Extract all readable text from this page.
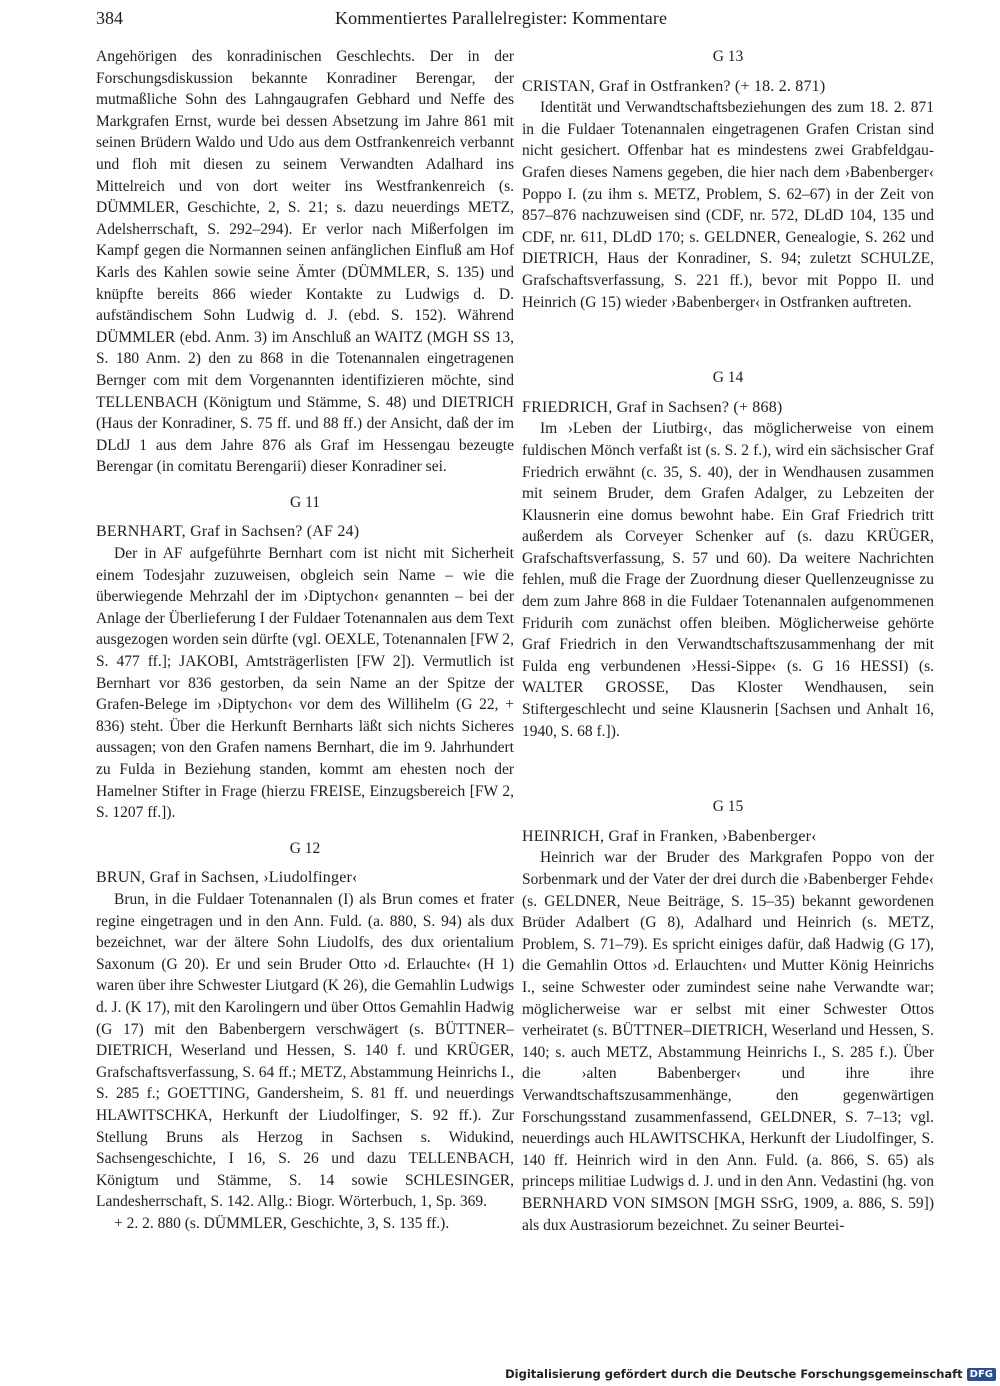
384	Kommentiertes Parallelregister: Kommentare

Angehörigen des konradinischen Geschlechts. Der in der Forschungsdiskussion bekannte Konradiner Berengar, der mutmaßliche Sohn des Lahngaugrafen Gebhard und Neffe des Markgrafen Ernst, wurde bei dessen Absetzung im Jahre 861 mit seinen Brüdern Waldo und Udo aus dem Ostfrankenreich verbannt und floh mit diesen zu seinem Verwandten Adalhard ins Mittelreich und von dort weiter ins Westfrankenreich (s. DÜMMLER, Geschichte, 2, S. 21; s. dazu neuerdings METZ, Adelsherrschaft, S. 292–294). Er verlor nach Mißerfolgen im Kampf gegen die Normannen seinen anfänglichen Einfluß am Hof Karls des Kahlen sowie seine Ämter (DÜMMLER, S. 135) und knüpfte bereits 866 wieder Kontakte zu Ludwigs d. D. aufständischem Sohn Ludwig d. J. (ebd. S. 152). Während DÜMMLER (ebd. Anm. 3) im Anschluß an WAITZ (MGH SS 13, S. 180 Anm. 2) den zu 868 in die Totenannalen eingetragenen Bernger com mit dem Vorgenannten identifizieren möchte, sind TELLENBACH (Königtum und Stämme, S. 48) und DIETRICH (Haus der Konradiner, S. 75 ff. und 88 ff.) der Ansicht, daß der im DLdJ 1 aus dem Jahre 876 als Graf im Hessengau bezeugte Berengar (in comitatu Berengarii) dieser Konradiner sei.

G 11

BERNHART, Graf in Sachsen? (AF 24)

Der in AF aufgeführte Bernhart com ist nicht mit Sicherheit einem Todesjahr zuzuweisen, obgleich sein Name – wie die überwiegende Mehrzahl der im ›Diptychon‹ genannten – bei der Anlage der Überlieferung I der Fuldaer Totenannalen aus dem Text ausgezogen worden sein dürfte (vgl. OEXLE, Totenannalen [FW 2, S. 477 ff.]; JAKOBI, Amtsträgerlisten [FW 2]). Vermutlich ist Bernhart vor 836 gestorben, da sein Name an der Spitze der Grafen-Belege im ›Diptychon‹ vor dem des Willihelm (G 22, + 836) steht. Über die Herkunft Bernharts läßt sich nichts Sicheres aussagen; von den Grafen namens Bernhart, die im 9. Jahrhundert zu Fulda in Beziehung standen, kommt am ehesten noch der Hamelner Stifter in Frage (hierzu FREISE, Einzugsbereich [FW 2, S. 1207 ff.]).

G 12

BRUN, Graf in Sachsen, ›Liudolfinger‹

Brun, in die Fuldaer Totenannalen (I) als Brun comes et frater regine eingetragen und in den Ann. Fuld. (a. 880, S. 94) als dux bezeichnet, war der ältere Sohn Liudolfs, des dux orientalium Saxonum (G 20). Er und sein Bruder Otto ›d. Erlauchte‹ (H 1) waren über ihre Schwester Liutgard (K 26), die Gemahlin Ludwigs d. J. (K 17), mit den Karolingern und über Ottos Gemahlin Hadwig (G 17) mit den Babenbergern verschwägert (s. BÜTTNER–DIETRICH, Weserland und Hessen, S. 140 f. und KRÜGER, Grafschaftsverfassung, S. 64 ff.; METZ, Abstammung Heinrichs I., S. 285 f.; GOETTING, Gandersheim, S. 81 ff. und neuerdings HLAWITSCHKA, Herkunft der Liudolfinger, S. 92 ff.). Zur Stellung Bruns als Herzog in Sachsen s. Widukind, Sachsengeschichte, I 16, S. 26 und dazu TELLENBACH, Königtum und Stämme, S. 14 sowie SCHLESINGER, Landesherrschaft, S. 142. Allg.: Biogr. Wörterbuch, 1, Sp. 369.

+ 2. 2. 880 (s. DÜMMLER, Geschichte, 3, S. 135 ff.).

G 13

CRISTAN, Graf in Ostfranken? (+ 18. 2. 871)

Identität und Verwandtschaftsbeziehungen des zum 18. 2. 871 in die Fuldaer Totenannalen eingetragenen Grafen Cristan sind nicht gesichert. Offenbar hat es mindestens zwei Grabfeldgau-Grafen dieses Namens gegeben, die hier nach dem ›Babenberger‹ Poppo I. (zu ihm s. METZ, Problem, S. 62–67) in der Zeit von 857–876 nachzuweisen sind (CDF, nr. 572, DLdD 104, 135 und CDF, nr. 611, DLdD 170; s. GELDNER, Genealogie, S. 262 und DIETRICH, Haus der Konradiner, S. 94; zuletzt SCHULZE, Grafschaftsverfassung, S. 221 ff.), bevor mit Poppo II. und Heinrich (G 15) wieder ›Babenberger‹ in Ostfranken auftreten.

G 14

FRIEDRICH, Graf in Sachsen? (+ 868)

Im ›Leben der Liutbirg‹, das möglicherweise von einem fuldischen Mönch verfaßt ist (s. S. 2 f.), wird ein sächsischer Graf Friedrich erwähnt (c. 35, S. 40), der in Wendhausen zusammen mit seinem Bruder, dem Grafen Adalger, zu Lebzeiten der Klausnerin eine domus bewohnt habe. Ein Graf Friedrich tritt außerdem als Corveyer Schenker auf (s. dazu KRÜGER, Grafschaftsverfassung, S. 57 und 60). Da weitere Nachrichten fehlen, muß die Frage der Zuordnung dieser Quellenzeugnisse zu dem zum Jahre 868 in die Fuldaer Totenannalen aufgenommenen Fridurih com zunächst offen bleiben. Möglicherweise gehörte Graf Friedrich in den Verwandtschaftszusammenhang der mit Fulda eng verbundenen ›Hessi-Sippe‹ (s. G 16 HESSI) (s. WALTER GROSSE, Das Kloster Wendhausen, sein Stiftergeschlecht und seine Klausnerin [Sachsen und Anhalt 16, 1940, S. 68 f.]).

G 15

HEINRICH, Graf in Franken, ›Babenberger‹

Heinrich war der Bruder des Markgrafen Poppo von der Sorbenmark und der Vater der drei durch die ›Babenberger Fehde‹ (s. GELDNER, Neue Beiträge, S. 15–35) bekannt gewordenen Brüder Adalbert (G 8), Adalhard und Heinrich (s. METZ, Problem, S. 71–79). Es spricht einiges dafür, daß Hadwig (G 17), die Gemahlin Ottos ›d. Erlauchten‹ und Mutter König Heinrichs I., seine Schwester oder zumindest seine nahe Verwandte war; möglicherweise war er selbst mit einer Schwester Ottos verheiratet (s. BÜTTNER–DIETRICH, Weserland und Hessen, S. 140; s. auch METZ, Abstammung Heinrichs I., S. 285 f.). Über die ›alten Babenberger‹ und ihre ihre Verwandtschaftszusammenhänge, den gegenwärtigen Forschungsstand zusammenfassend, GELDNER, S. 7–13; vgl. neuerdings auch HLAWITSCHKA, Herkunft der Liudolfinger, S. 140 ff. Heinrich wird in den Ann. Fuld. (a. 866, S. 65) als princeps militiae Ludwigs d. J. und in den Ann. Vedastini (hg. von BERNHARD VON SIMSON [MGH SSrG, 1909, a. 886, S. 59]) als dux Austrasiorum bezeichnet. Zu seiner Beurtei-

Digitalisierung gefördert durch die Deutsche Forschungsgemeinschaft DFG
